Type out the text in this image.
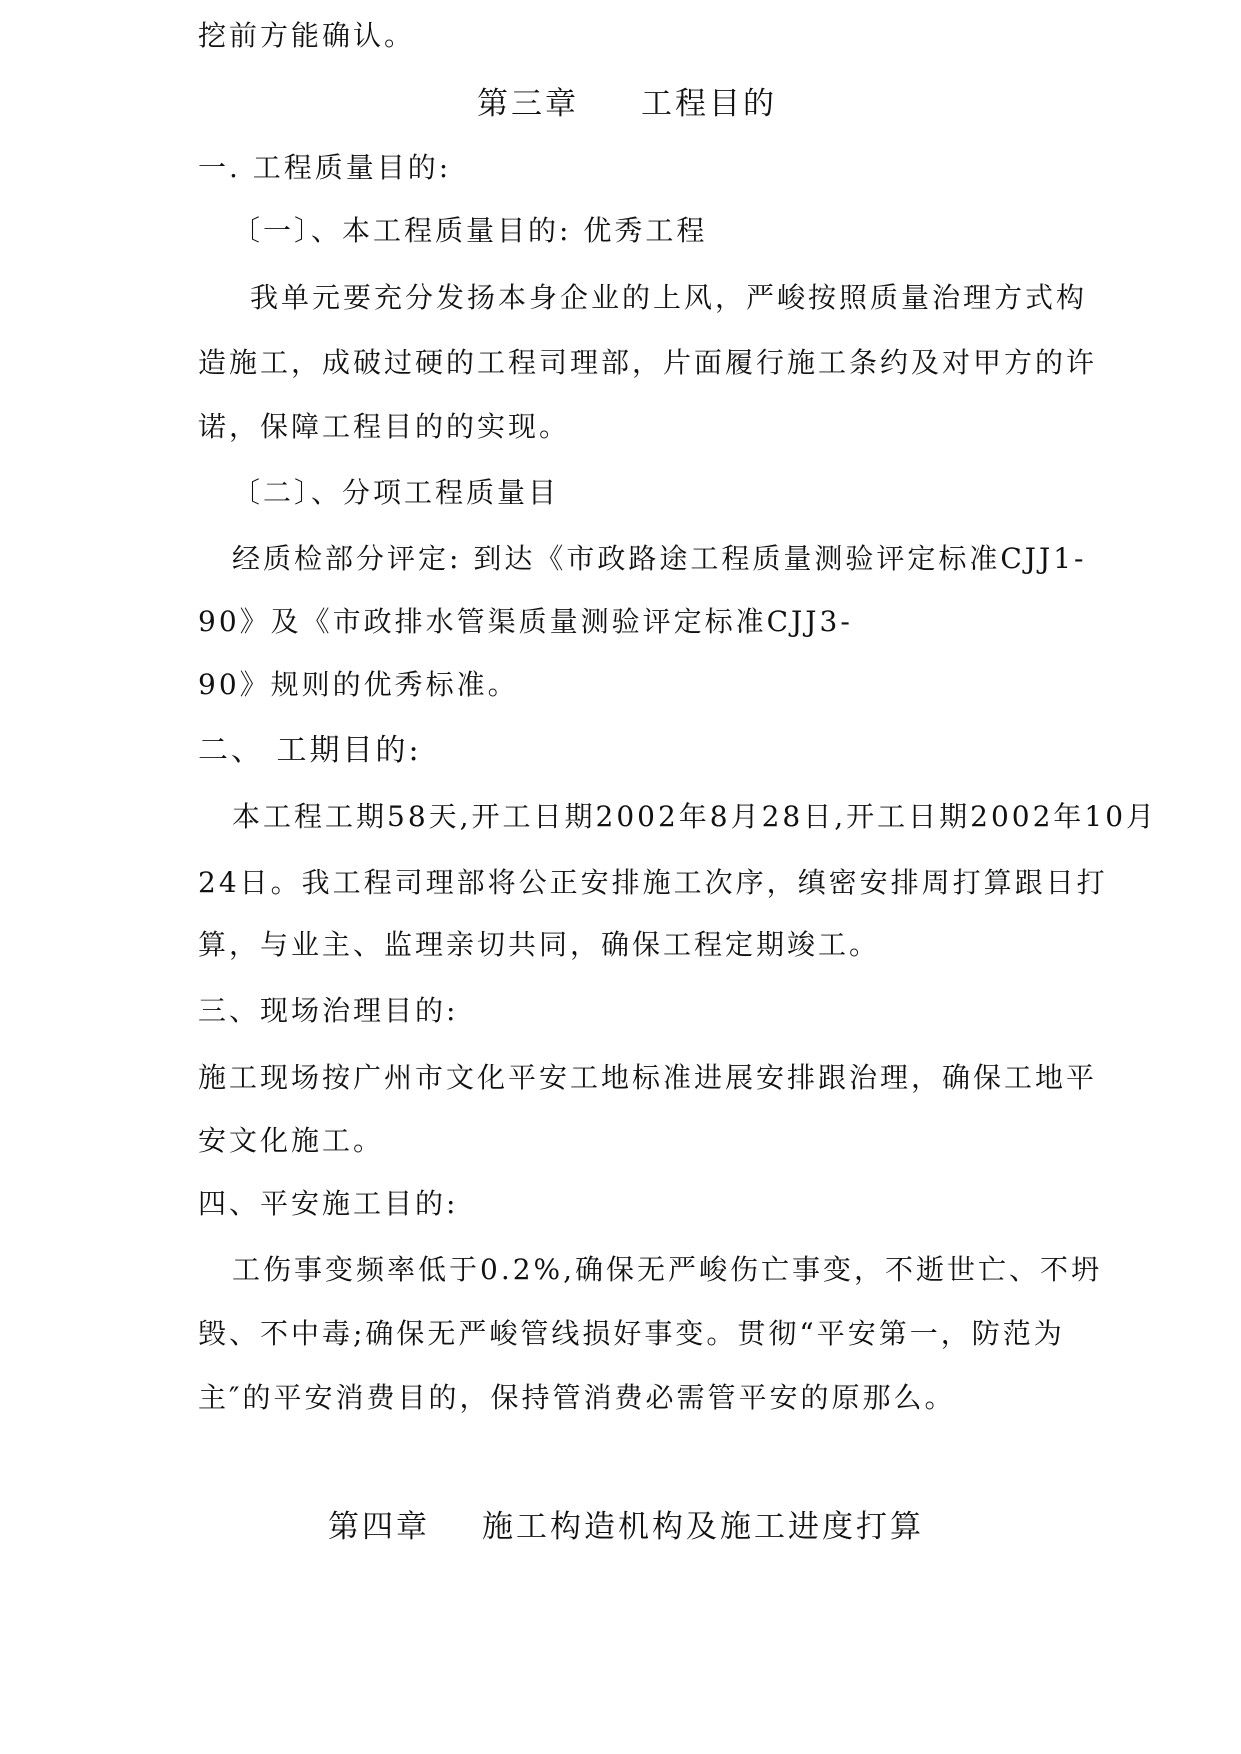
挖前方能确认。
第三章 工程目的
一. 工程质量目的:
〔一〕、本工程质量目的: 优秀工程
我单元要充分发扬本身企业的上风，严峻按照质量治理方式构
造施工，成破过硬的工程司理部，片面履行施工条约及对甲方的许
诺，保障工程目的的实现。
〔二〕、分项工程质量目
经质检部分评定: 到达《市政路途工程质量测验评定标准CJJ1-
90》及《市政排水管渠质量测验评定标准CJJ3-
90》规则的优秀标准。
二、 工期目的:
本工程工期58天,开工日期2002年8月28日,开工日期2002年10月
24日。我工程司理部将公正安排施工次序，缜密安排周打算跟日打
算，与业主、监理亲切共同，确保工程定期竣工。
三、现场治理目的:
施工现场按广州市文化平安工地标准进展安排跟治理，确保工地平
安文化施工。
四、平安施工目的:
工伤事变频率低于0.2%,确保无严峻伤亡事变，不逝世亡、不坍
毁、不中毒;确保无严峻管线损好事变。贯彻“平安第一，防范为
主″的平安消费目的，保持管消费必需管平安的原那么。
第四章 施工构造机构及施工进度打算
